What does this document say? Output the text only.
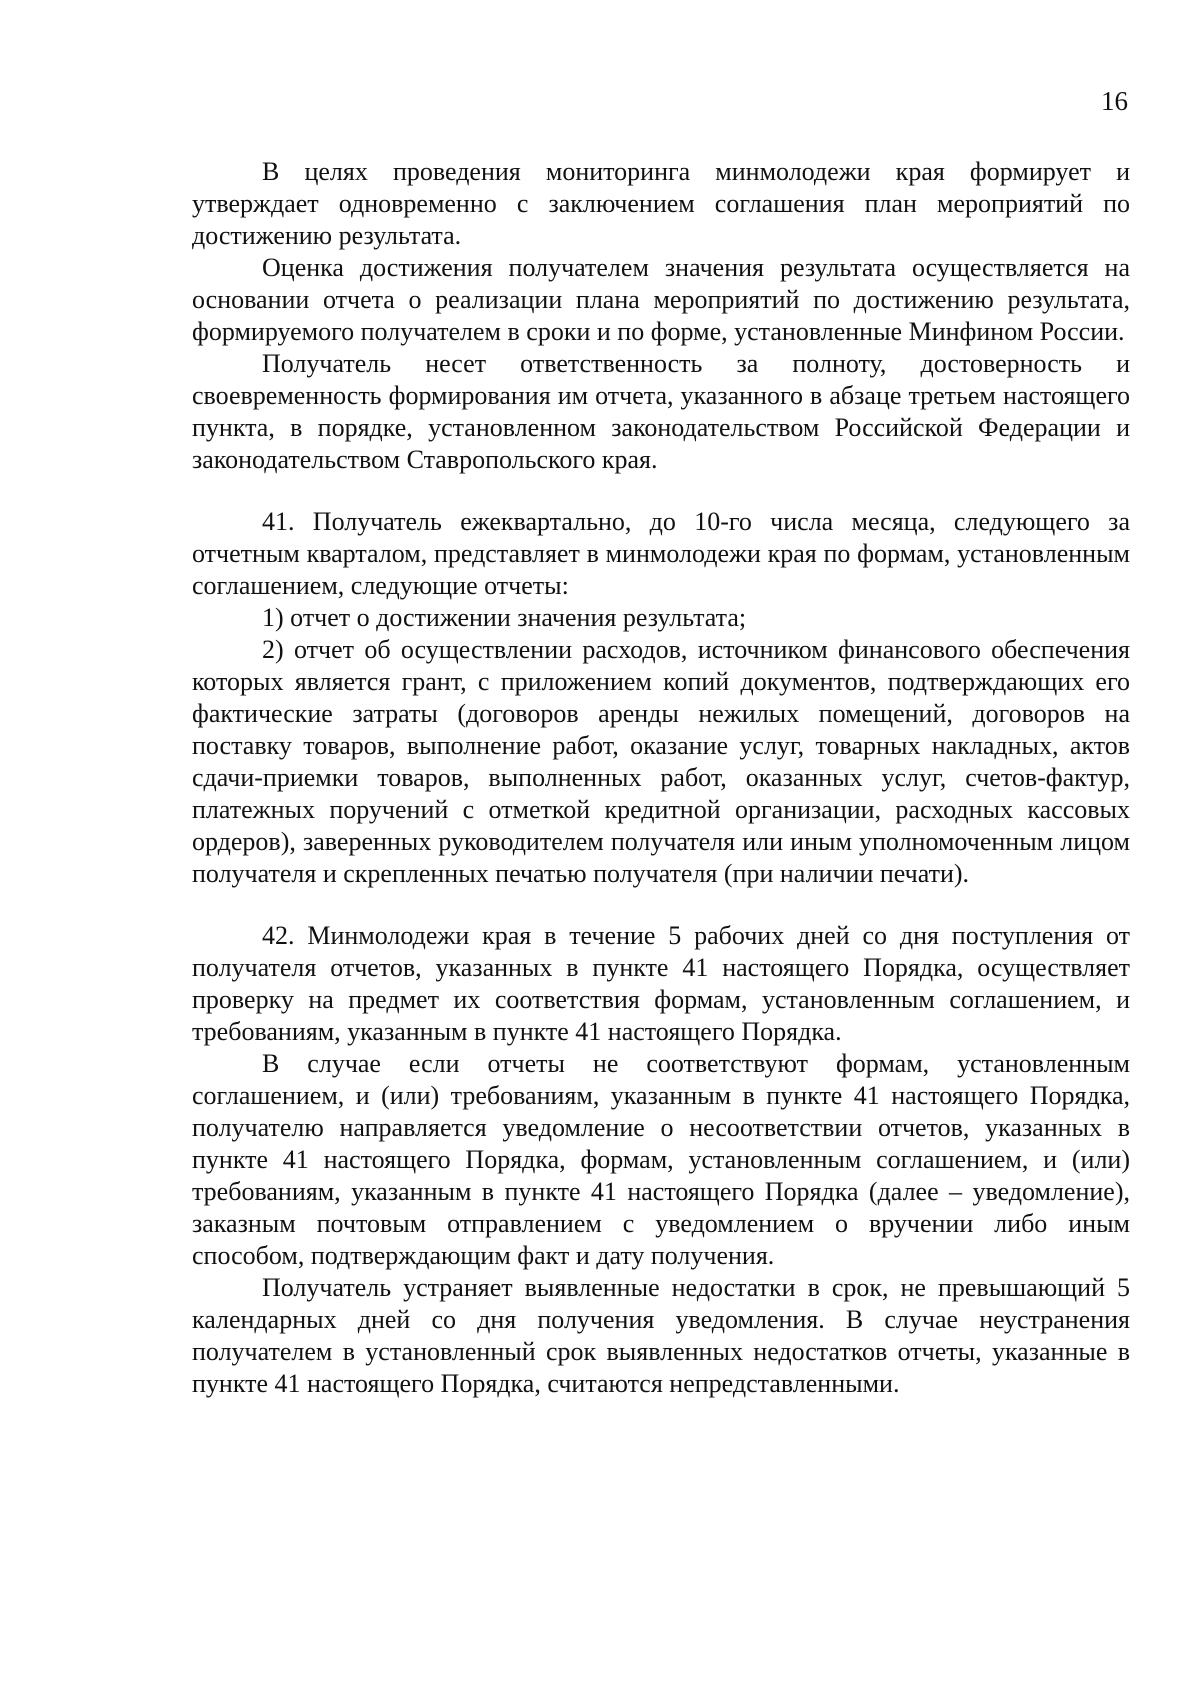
16

В целях проведения мониторинга минмолодежи края формирует и утверждает одновременно с заключением соглашения план мероприятий по достижению результата.

Оценка достижения получателем значения результата осуществляется на основании отчета о реализации плана мероприятий по достижению результата, формируемого получателем в сроки и по форме, установленные Минфином России.

Получатель несет ответственность за полноту, достоверность и своевременность формирования им отчета, указанного в абзаце третьем настоящего пункта, в порядке, установленном законодательством Российской Федерации и законодательством Ставропольского края.

41. Получатель ежеквартально, до 10-го числа месяца, следующего за отчетным кварталом, представляет в минмолодежи края по формам, установленным соглашением, следующие отчеты:

1) отчет о достижении значения результата;

2) отчет об осуществлении расходов, источником финансового обеспечения которых является грант, с приложением копий документов, подтверждающих его фактические затраты (договоров аренды нежилых помещений, договоров на поставку товаров, выполнение работ, оказание услуг, товарных накладных, актов сдачи-приемки товаров, выполненных работ, оказанных услуг, счетов-фактур, платежных поручений с отметкой кредитной организации, расходных кассовых ордеров), заверенных руководителем получателя или иным уполномоченным лицом получателя и скрепленных печатью получателя (при наличии печати).

42. Минмолодежи края в течение 5 рабочих дней со дня поступления от получателя отчетов, указанных в пункте 41 настоящего Порядка, осуществляет проверку на предмет их соответствия формам, установленным соглашением, и требованиям, указанным в пункте 41 настоящего Порядка.

В случае если отчеты не соответствуют формам, установленным соглашением, и (или) требованиям, указанным в пункте 41 настоящего Порядка, получателю направляется уведомление о несоответствии отчетов, указанных в пункте 41 настоящего Порядка, формам, установленным соглашением, и (или) требованиям, указанным в пункте 41 настоящего Порядка (далее – уведомление), заказным почтовым отправлением с уведомлением о вручении либо иным способом, подтверждающим факт и дату получения.

Получатель устраняет выявленные недостатки в срок, не превышающий 5 календарных дней со дня получения уведомления. В случае неустранения получателем в установленный срок выявленных недостатков отчеты, указанные в пункте 41 настоящего Порядка, считаются непредставленными.
